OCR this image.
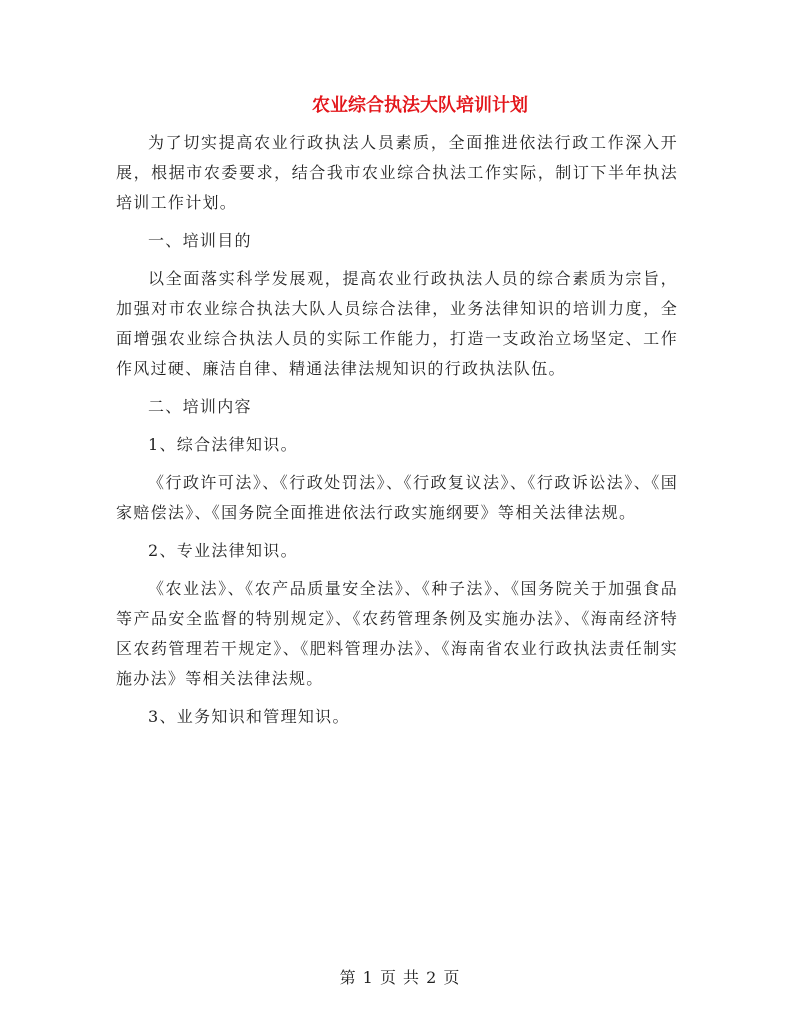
农业综合执法大队培训计划

为了切实提高农业行政执法人员素质，全面推进依法行政工作深入开展，根据市农委要求，结合我市农业综合执法工作实际，制订下半年执法培训工作计划。

一、培训目的

以全面落实科学发展观，提高农业行政执法人员的综合素质为宗旨，加强对市农业综合执法大队人员综合法律，业务法律知识的培训力度，全面增强农业综合执法人员的实际工作能力，打造一支政治立场坚定、工作作风过硬、廉洁自律、精通法律法规知识的行政执法队伍。

二、培训内容

1、综合法律知识。

《行政许可法》、《行政处罚法》、《行政复议法》、《行政诉讼法》、《国家赔偿法》、《国务院全面推进依法行政实施纲要》等相关法律法规。

2、专业法律知识。

《农业法》、《农产品质量安全法》、《种子法》、《国务院关于加强食品等产品安全监督的特别规定》、《农药管理条例及实施办法》、《海南经济特区农药管理若干规定》、《肥料管理办法》、《海南省农业行政执法责任制实施办法》等相关法律法规。

3、业务知识和管理知识。

第 1 页 共 2 页
